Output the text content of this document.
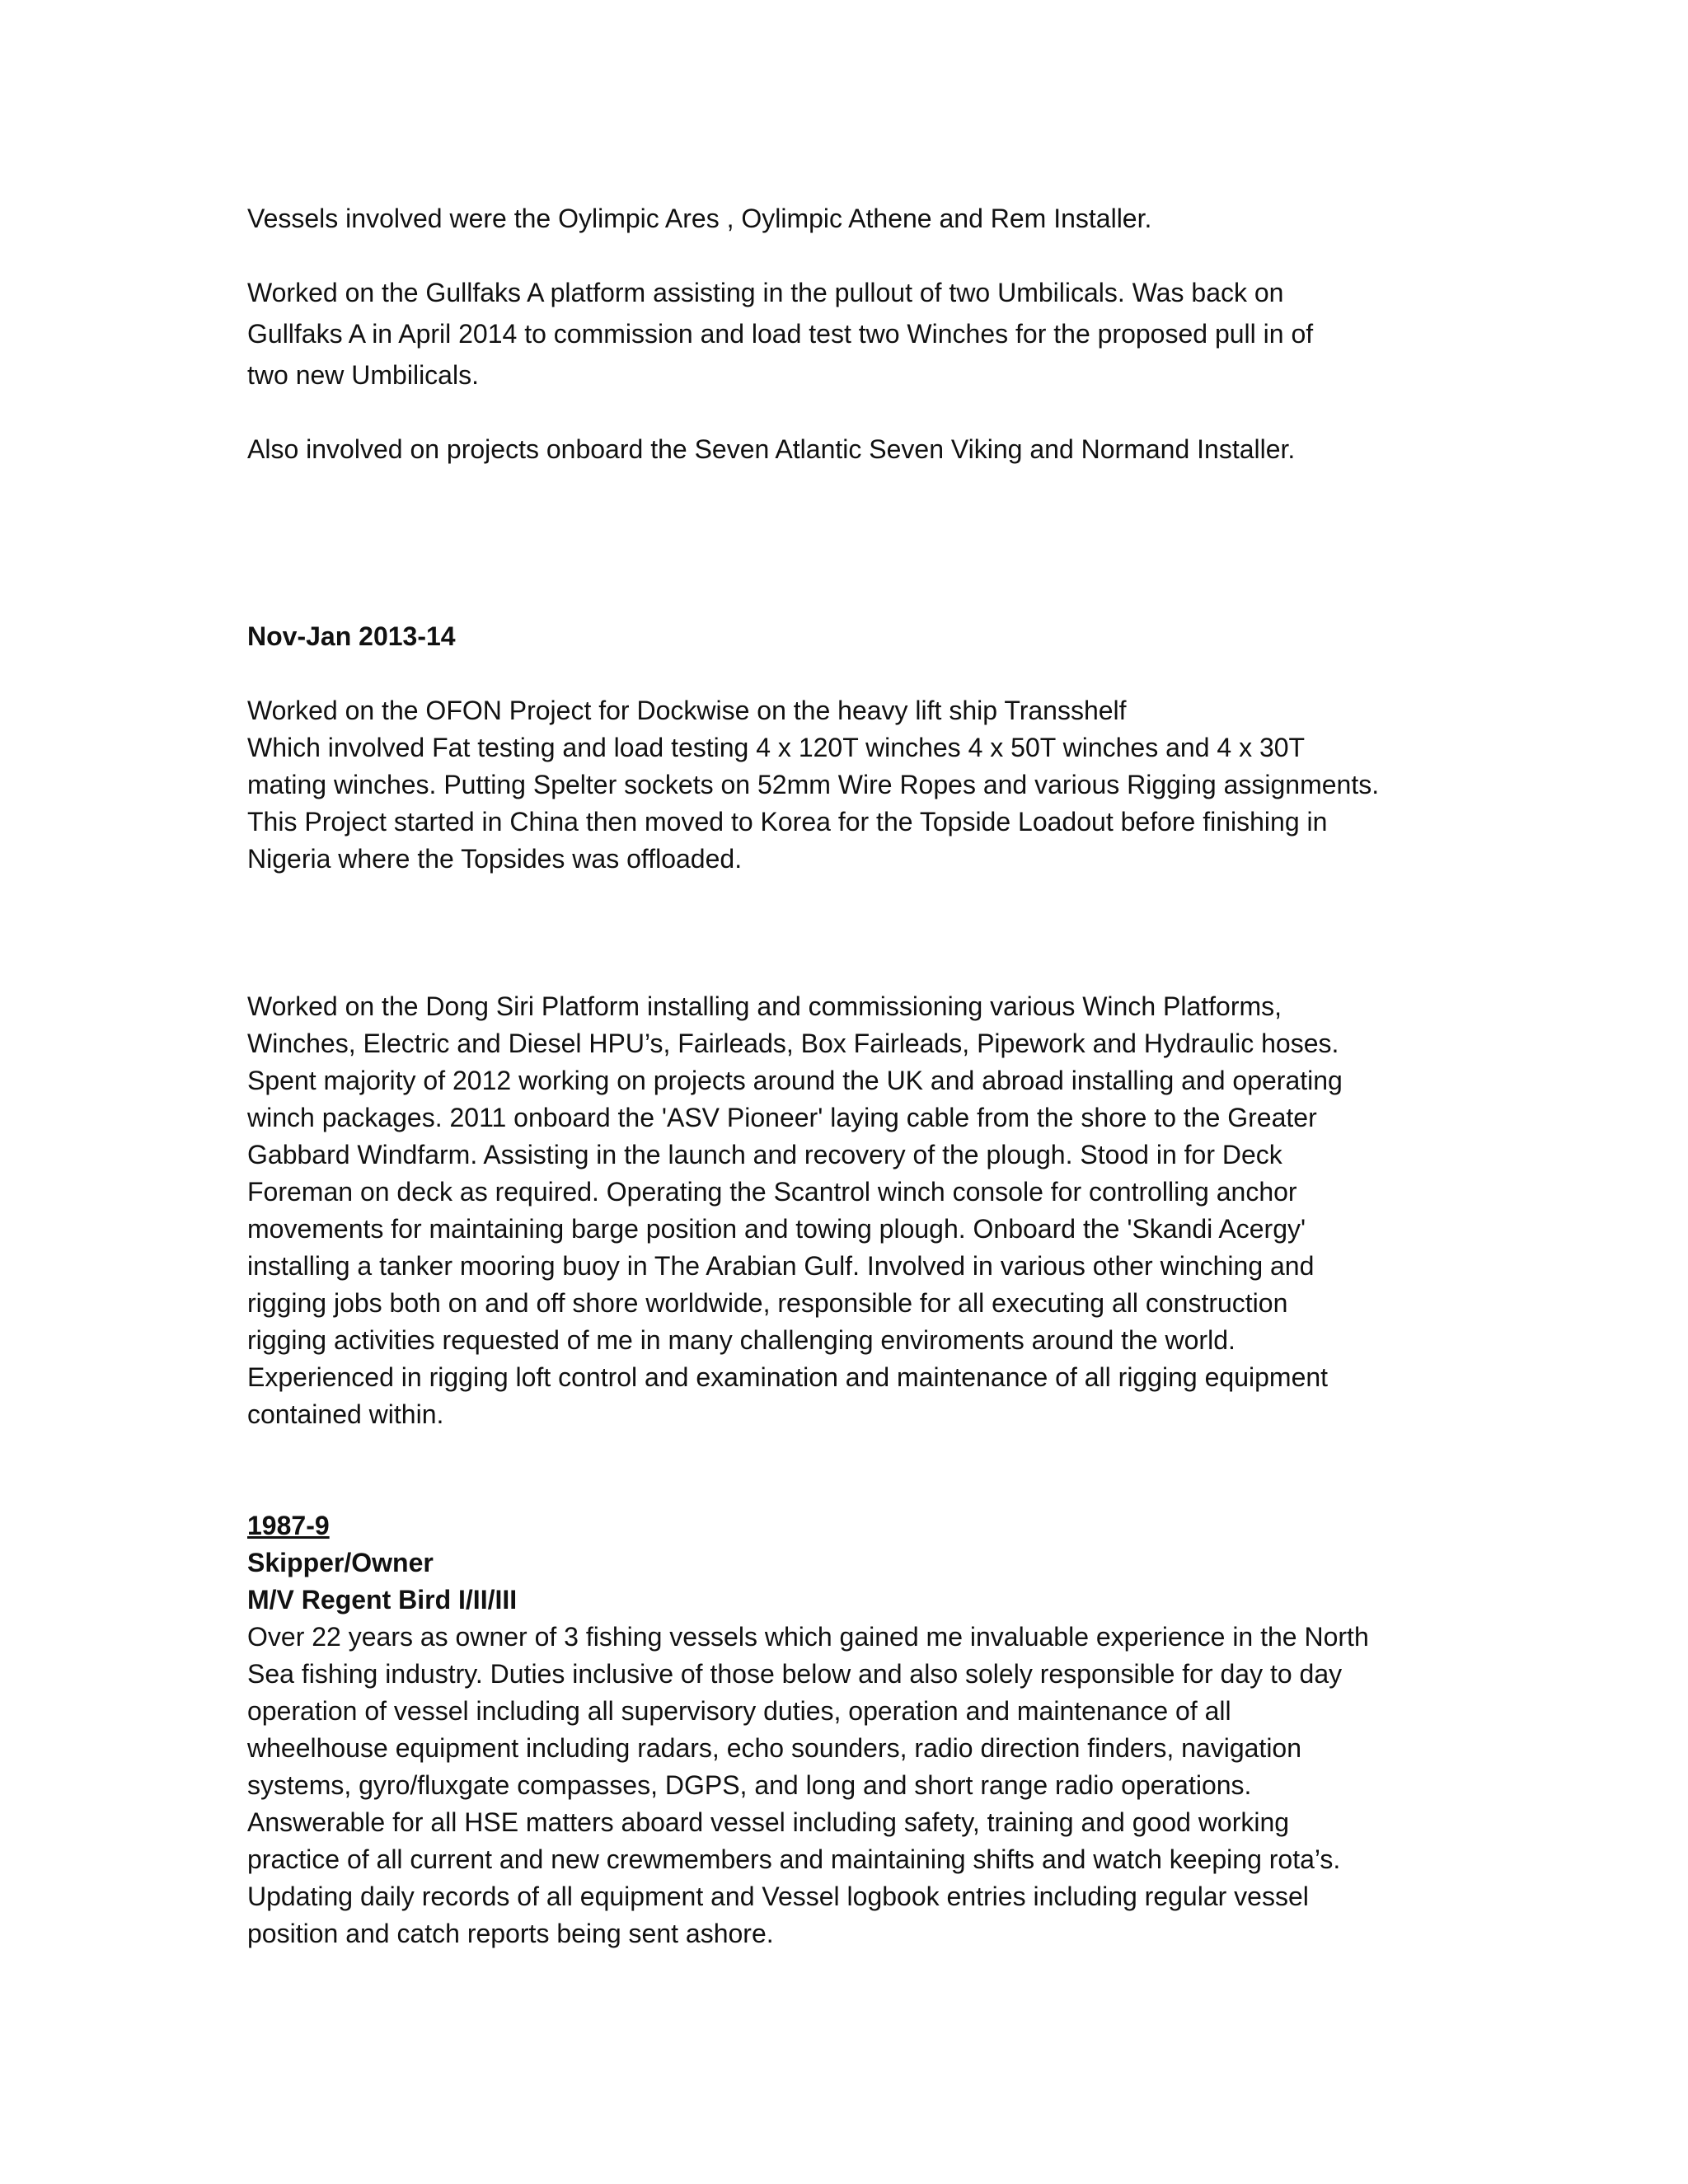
Vessels involved were the Oylimpic Ares , Oylimpic Athene and Rem Installer.

Worked on the Gullfaks A platform assisting in the pullout of two Umbilicals. Was back on
Gullfaks A in April 2014 to commission and load test two Winches for the proposed pull in of
two new Umbilicals.

Also involved on projects onboard the Seven Atlantic Seven Viking and Normand Installer.

Nov-Jan 2013-14

Worked on the OFON Project for Dockwise on the heavy lift ship Transshelf
Which involved Fat testing and load testing 4 x 120T winches 4 x 50T winches and 4 x 30T
mating winches. Putting Spelter sockets on 52mm Wire Ropes and various Rigging assignments.
This Project started in China then moved to Korea for the Topside Loadout before finishing in
Nigeria where the Topsides was offloaded.

Worked on the Dong Siri Platform installing and commissioning various Winch Platforms,
Winches, Electric and Diesel HPU’s, Fairleads, Box Fairleads, Pipework and Hydraulic hoses.
Spent majority of 2012 working on projects around the UK and abroad installing and operating
winch packages. 2011 onboard the 'ASV Pioneer' laying cable from the shore to the Greater
Gabbard Windfarm. Assisting in the launch and recovery of the plough. Stood in for Deck
Foreman on deck as required. Operating the Scantrol winch console for controlling anchor
movements for maintaining barge position and towing plough. Onboard the 'Skandi Acergy'
installing a tanker mooring buoy in The Arabian Gulf. Involved in various other winching and
rigging jobs both on and off shore worldwide, responsible for all executing all construction
rigging activities requested of me in many challenging enviroments around the world.
Experienced in rigging loft control and examination and maintenance of all rigging equipment
contained within.

1987-9
Skipper/Owner
M/V Regent Bird I/II/III

Over 22 years as owner of 3 fishing vessels which gained me invaluable experience in the North
Sea fishing industry. Duties inclusive of those below and also solely responsible for day to day
operation of vessel including all supervisory duties, operation and maintenance of all
wheelhouse equipment including radars, echo sounders, radio direction finders, navigation
systems, gyro/fluxgate compasses, DGPS, and long and short range radio operations.
Answerable for all HSE matters aboard vessel including safety, training and good working
practice of all current and new crewmembers and maintaining shifts and watch keeping rota’s.
Updating daily records of all equipment and Vessel logbook entries including regular vessel
position and catch reports being sent ashore.
